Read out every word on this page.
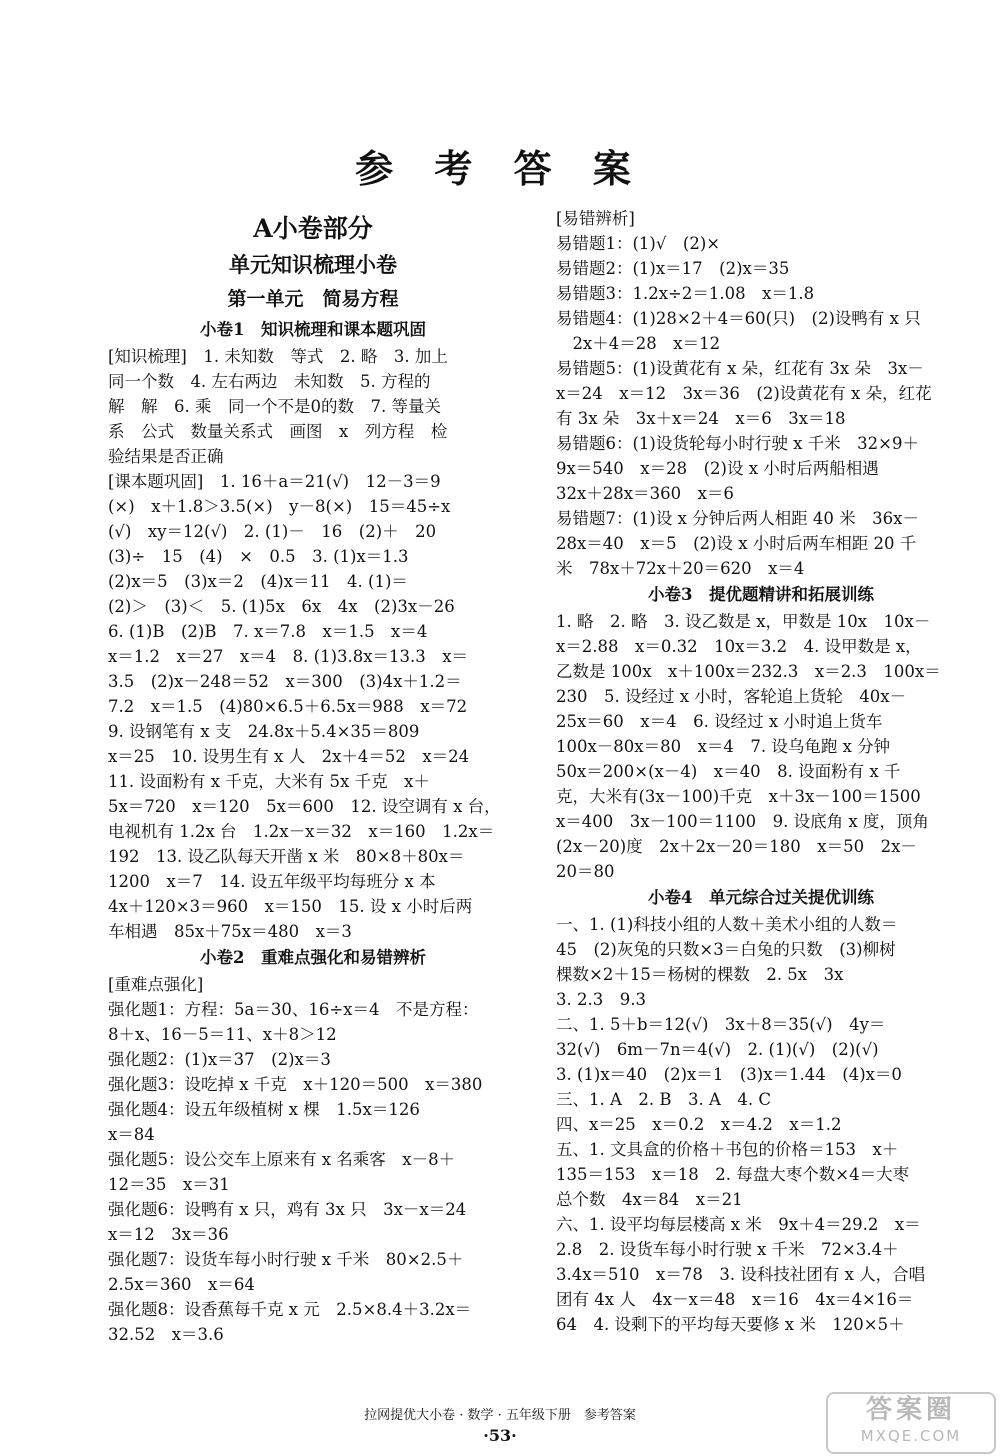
参 考 答 案
A小卷部分
单元知识梳理小卷
第一单元　简易方程
小卷1　知识梳理和课本题巩固
[知识梳理]　1. 未知数　等式　2. 略　3. 加上
同一个数　4. 左右两边　未知数　5. 方程的
解　解　6. 乘　同一个不是0的数　7. 等量关
系　公式　数量关系式　画图　x　列方程　检
验结果是否正确
[课本题巩固]　1. 16＋a＝21(√)　12－3＝9
(×)　x＋1.8＞3.5(×)　y－8(×)　15＝45÷x
(√)　xy＝12(√)　2. (1)－　16　(2)＋　20
(3)÷　15　(4)　×　0.5　3. (1)x＝1.3
(2)x＝5　(3)x＝2　(4)x＝11　4. (1)＝
(2)＞　(3)＜　5. (1)5x　6x　4x　(2)3x－26
6. (1)B　(2)B　7. x＝7.8　x＝1.5　x＝4
x＝1.2　x＝27　x＝4　8. (1)3.8x＝13.3　x＝
3.5　(2)x－248＝52　x＝300　(3)4x＋1.2＝
7.2　x＝1.5　(4)80×6.5＋6.5x＝988　x＝72
9. 设钢笔有 x 支　24.8x＋5.4×35＝809
x＝25　10. 设男生有 x 人　2x＋4＝52　x＝24
11. 设面粉有 x 千克，大米有 5x 千克　x＋
5x＝720　x＝120　5x＝600　12. 设空调有 x 台，
电视机有 1.2x 台　1.2x－x＝32　x＝160　1.2x＝
192　13. 设乙队每天开凿 x 米　80×8＋80x＝
1200　x＝7　14. 设五年级平均每班分 x 本
4x＋120×3＝960　x＝150　15. 设 x 小时后两
车相遇　85x＋75x＝480　x＝3
小卷2　重难点强化和易错辨析
[重难点强化]
强化题1：方程：5a＝30、16÷x＝4　不是方程：
8＋x、16－5＝11、x＋8＞12
强化题2：(1)x＝37　(2)x＝3
强化题3：设吃掉 x 千克　x＋120＝500　x＝380
强化题4：设五年级植树 x 棵　1.5x＝126
x＝84
强化题5：设公交车上原来有 x 名乘客　x－8＋
12＝35　x＝31
强化题6：设鸭有 x 只，鸡有 3x 只　3x－x＝24
x＝12　3x＝36
强化题7：设货车每小时行驶 x 千米　80×2.5＋
2.5x＝360　x＝64
强化题8：设香蕉每千克 x 元　2.5×8.4＋3.2x＝
32.52　x＝3.6
[易错辨析]
易错题1：(1)√　(2)×
易错题2：(1)x＝17　(2)x＝35
易错题3：1.2x÷2＝1.08　x＝1.8
易错题4：(1)28×2＋4＝60(只)　(2)设鸭有 x 只
　2x＋4＝28　x＝12
易错题5：(1)设黄花有 x 朵，红花有 3x 朵　3x－
x＝24　x＝12　3x＝36　(2)设黄花有 x 朵，红花
有 3x 朵　3x＋x＝24　x＝6　3x＝18
易错题6：(1)设货轮每小时行驶 x 千米　32×9＋
9x＝540　x＝28　(2)设 x 小时后两船相遇
32x＋28x＝360　x＝6
易错题7：(1)设 x 分钟后两人相距 40 米　36x－
28x＝40　x＝5　(2)设 x 小时后两车相距 20 千
米　78x＋72x＋20＝620　x＝4
小卷3　提优题精讲和拓展训练
1. 略　2. 略　3. 设乙数是 x，甲数是 10x　10x－
x＝2.88　x＝0.32　10x＝3.2　4. 设甲数是 x，
乙数是 100x　x＋100x＝232.3　x＝2.3　100x＝
230　5. 设经过 x 小时，客轮追上货轮　40x－
25x＝60　x＝4　6. 设经过 x 小时追上货车
100x－80x＝80　x＝4　7. 设乌龟跑 x 分钟
50x＝200×(x－4)　x＝40　8. 设面粉有 x 千
克，大米有(3x－100)千克　x＋3x－100＝1500
x＝400　3x－100＝1100　9. 设底角 x 度，顶角
(2x－20)度　2x＋2x－20＝180　x＝50　2x－
20＝80
小卷4　单元综合过关提优训练
一、1. (1)科技小组的人数＋美术小组的人数＝
45　(2)灰兔的只数×3＝白兔的只数　(3)柳树
棵数×2＋15＝杨树的棵数　2. 5x　3x
3. 2.3　9.3
二、1. 5＋b＝12(√)　3x＋8＝35(√)　4y＝
32(√)　6m－7n＝4(√)　2. (1)(√)　(2)(√)
3. (1)x＝40　(2)x＝1　(3)x＝1.44　(4)x＝0
三、1. A　2. B　3. A　4. C
四、x＝25　x＝0.2　x＝4.2　x＝1.2
五、1. 文具盒的价格＋书包的价格＝153　x＋
135＝153　x＝18　2. 每盘大枣个数×4＝大枣
总个数　4x＝84　x＝21
六、1. 设平均每层楼高 x 米　9x＋4＝29.2　x＝
2.8　2. 设货车每小时行驶 x 千米　72×3.4＋
3.4x＝510　x＝78　3. 设科技社团有 x 人，合唱
团有 4x 人　4x－x＝48　x＝16　4x＝4×16＝
64　4. 设剩下的平均每天要修 x 米　120×5＋
拉网提优大小卷 · 数学 · 五年级下册　参考答案
·53·
答案圈
MXQE.COM
